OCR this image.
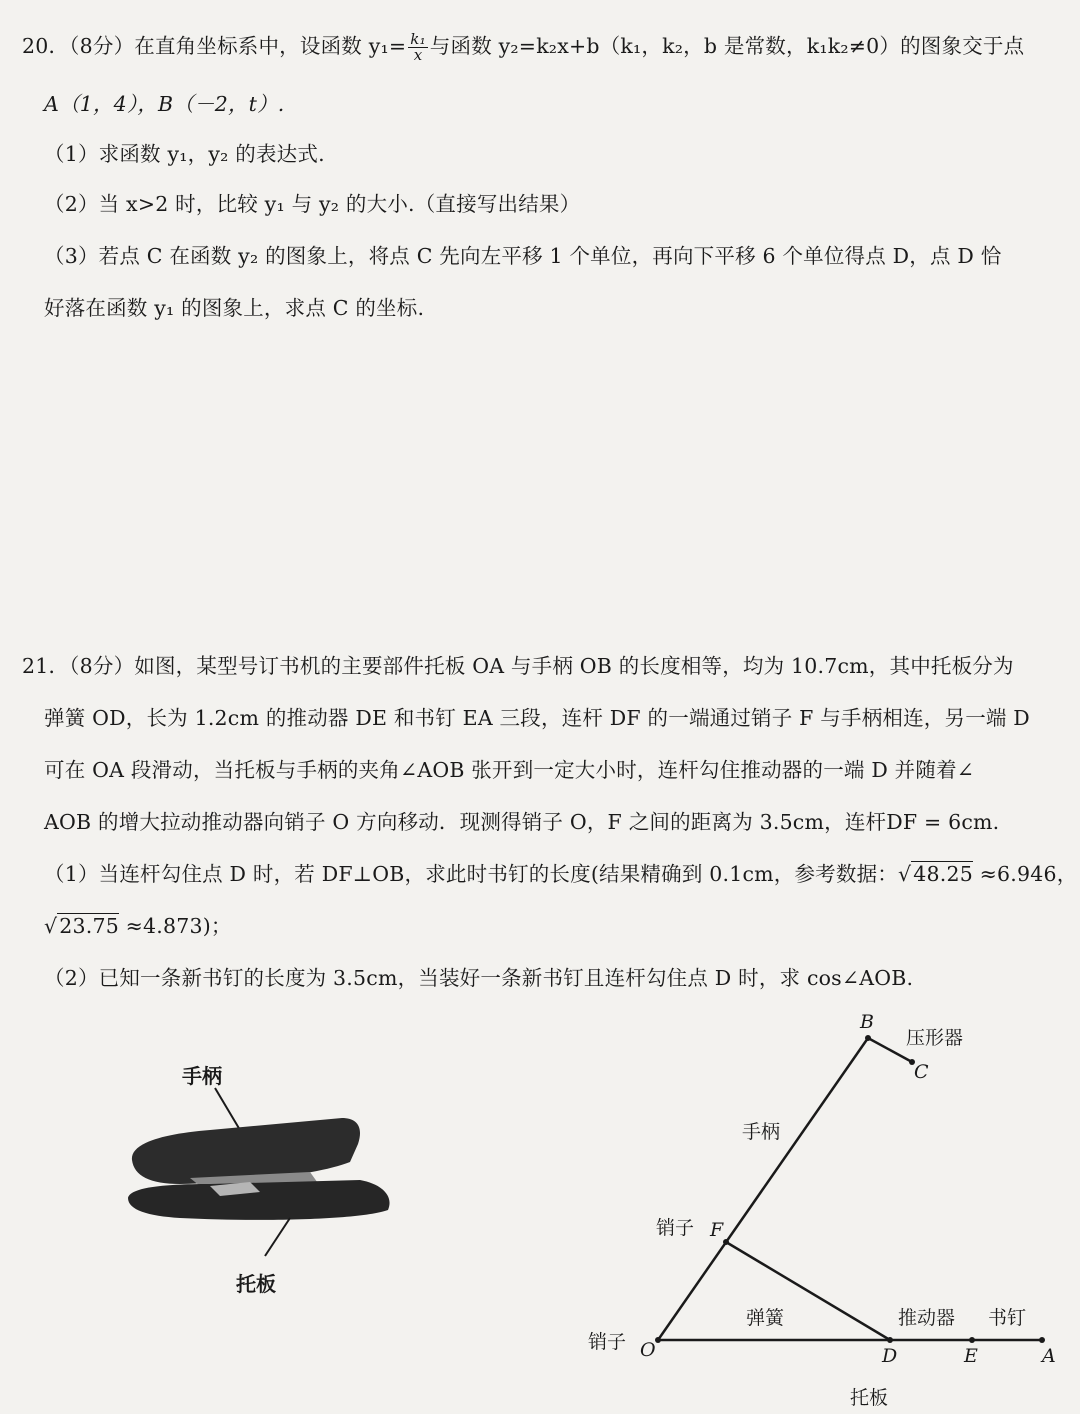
20．（8分）在直角坐标系中，设函数 $y_1= \frac{\text{k₁}}{x}$ 与函数 y₂=k₂x+b（k₁，k₂，b 是常数，k₁k₂≠0）的图象交于点
A（1，4），B（－2，t）.
（1）求函数 y₁，y₂ 的表达式.
（2）当 x>2 时，比较 y₁ 与 y₂ 的大小.（直接写出结果）
（3）若点 C 在函数 y₂ 的图象上，将点 C 先向左平移 1 个单位，再向下平移 6 个单位得点 D，点 D 恰
好落在函数 y₁ 的图象上，求点 C 的坐标.
21．（8分）如图，某型号订书机的主要部件托板 OA 与手柄 OB 的长度相等，均为 10.7cm，其中托板分为
弹簧 OD，长为 1.2cm 的推动器 DE 和书钉 EA 三段，连杆 DF 的一端通过销子 F 与手柄相连，另一端 D
可在 OA 段滑动，当托板与手柄的夹角∠AOB 张开到一定大小时，连杆勾住推动器的一端 D 并随着∠
AOB 的增大拉动推动器向销子 O 方向移动．现测得销子 O，F 之间的距离为 3.5cm，连杆DF = 6cm.
（1）当连杆勾住点 D 时，若 DF⊥OB，求此时书钉的长度(结果精确到 0.1cm，参考数据：√48.25 ≈6.946，
√23.75 ≈4.873)；
（2）已知一条新书钉的长度为 3.5cm，当装好一条新书钉且连杆勾住点 D 时，求 cos∠AOB.
手柄
托板
B
C
F
O	D	E	A
压形器
手柄
销子
弹簧	推动器 书钉
销子
托板
